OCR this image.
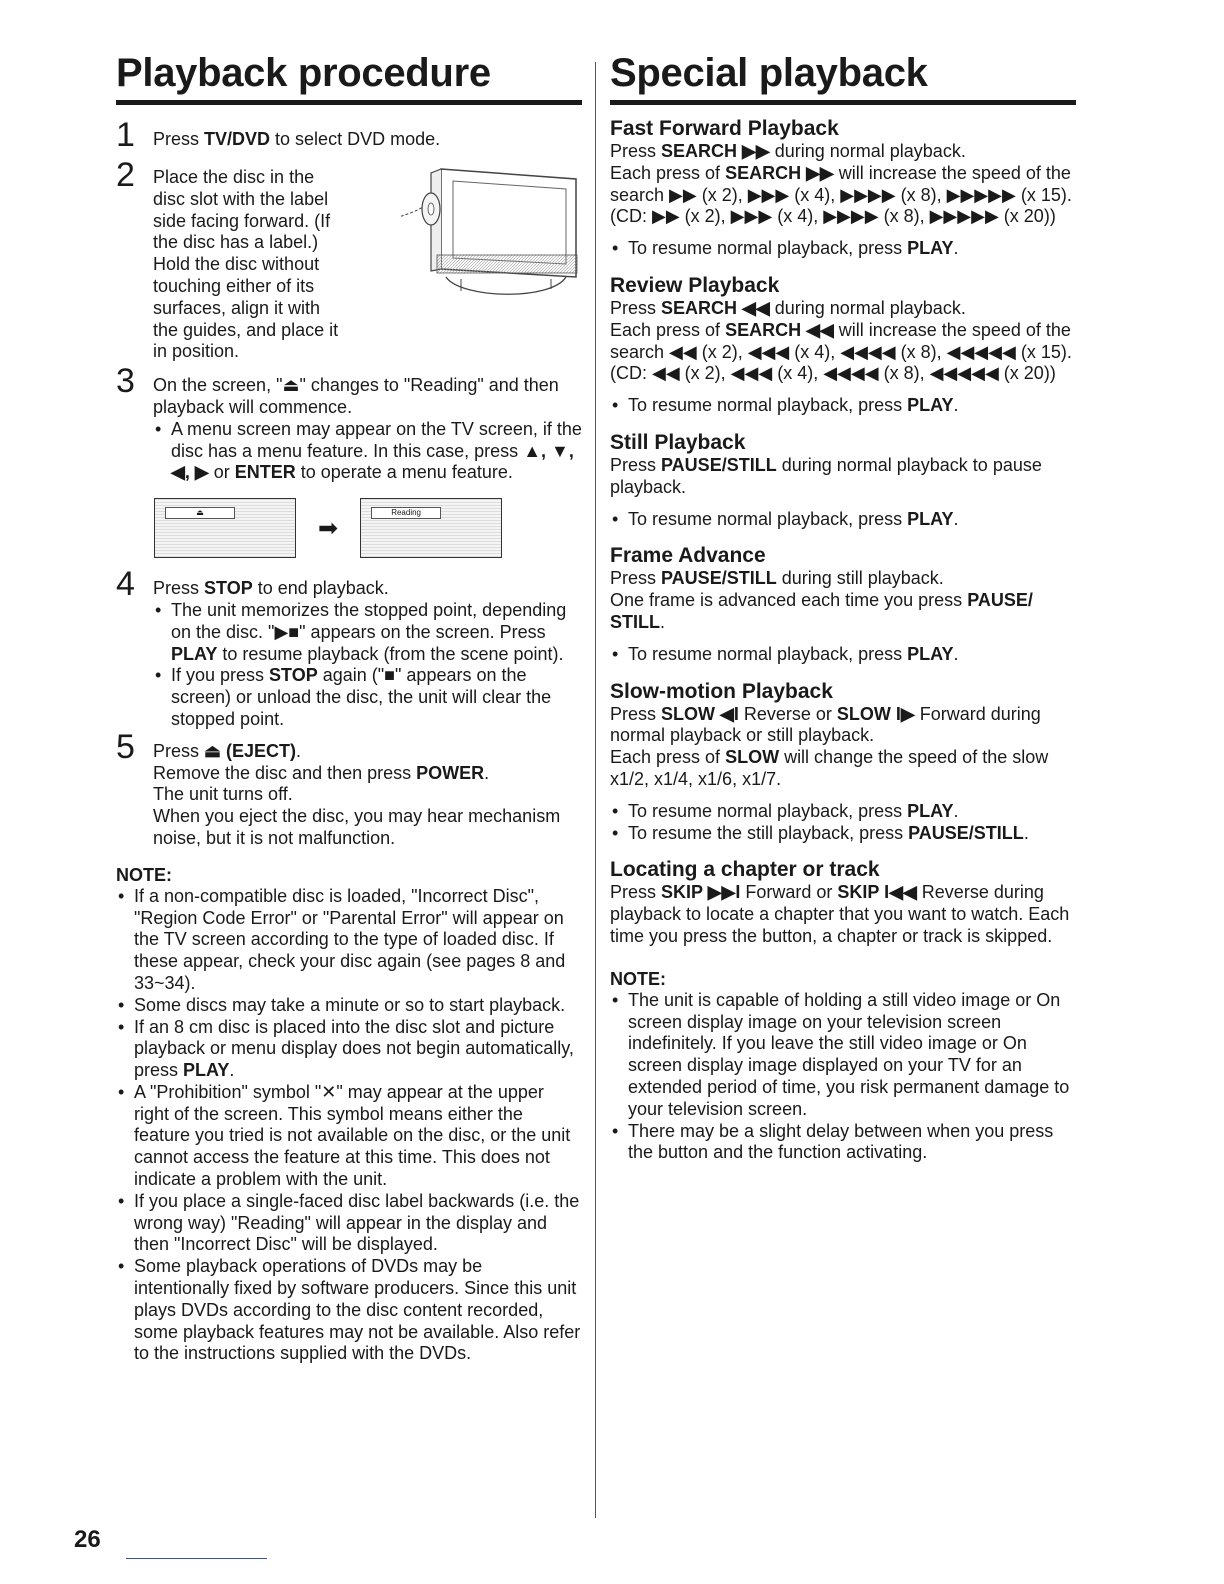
Playback procedure
1	Press TV/DVD to select DVD mode.
2	Place the disc in the disc slot with the label side facing forward. (If the disc has a label.) Hold the disc without touching either of its surfaces, align it with the guides, and place it in position.
3	On the screen, "⏏" changes to "Reading" and then playback will commence.
• A menu screen may appear on the TV screen, if the disc has a menu feature. In this case, press ▲, ▼, ◀, ▶ or ENTER to operate a menu feature.
⏏
➡
Reading
4	Press STOP to end playback.
• The unit memorizes the stopped point, depending on the disc. "▶■" appears on the screen. Press PLAY to resume playback (from the scene point).
• If you press STOP again ("■" appears on the screen) or unload the disc, the unit will clear the stopped point.
5	Press ⏏ (EJECT).
Remove the disc and then press POWER.
The unit turns off.
When you eject the disc, you may hear mechanism noise, but it is not malfunction.
NOTE:
• If a non-compatible disc is loaded, "Incorrect Disc", "Region Code Error" or "Parental Error" will appear on the TV screen according to the type of loaded disc. If these appear, check your disc again (see pages 8 and 33~34).
• Some discs may take a minute or so to start playback.
• If an 8 cm disc is placed into the disc slot and picture playback or menu display does not begin automatically, press PLAY.
• A "Prohibition" symbol "✕" may appear at the upper right of the screen. This symbol means either the feature you tried is not available on the disc, or the unit cannot access the feature at this time. This does not indicate a problem with the unit.
• If you place a single-faced disc label backwards (i.e. the wrong way) "Reading" will appear in the display and then "Incorrect Disc" will be displayed.
• Some playback operations of DVDs may be intentionally fixed by software producers. Since this unit plays DVDs according to the disc content recorded, some playback features may not be available. Also refer to the instructions supplied with the DVDs.
Special playback
Fast Forward Playback
Press SEARCH ▶▶ during normal playback.
Each press of SEARCH ▶▶ will increase the speed of the search ▶▶ (x 2), ▶▶▶ (x 4), ▶▶▶▶ (x 8), ▶▶▶▶▶ (x 15).
(CD: ▶▶ (x 2), ▶▶▶ (x 4), ▶▶▶▶ (x 8), ▶▶▶▶▶ (x 20))
• To resume normal playback, press PLAY.
Review Playback
Press SEARCH ◀◀ during normal playback.
Each press of SEARCH ◀◀ will increase the speed of the search ◀◀ (x 2), ◀◀◀ (x 4), ◀◀◀◀ (x 8), ◀◀◀◀◀ (x 15).
(CD: ◀◀ (x 2), ◀◀◀ (x 4), ◀◀◀◀ (x 8), ◀◀◀◀◀ (x 20))
• To resume normal playback, press PLAY.
Still Playback
Press PAUSE/STILL during normal playback to pause playback.
• To resume normal playback, press PLAY.
Frame Advance
Press PAUSE/STILL during still playback.
One frame is advanced each time you press PAUSE/ STILL.
• To resume normal playback, press PLAY.
Slow-motion Playback
Press SLOW ◀I Reverse or SLOW I▶ Forward during normal playback or still playback.
Each press of SLOW will change the speed of the slow x1/2, x1/4, x1/6, x1/7.
• To resume normal playback, press PLAY.
• To resume the still playback, press PAUSE/STILL.
Locating a chapter or track
Press SKIP ▶▶I Forward or SKIP I◀◀ Reverse during playback to locate a chapter that you want to watch. Each time you press the button, a chapter or track is skipped.
NOTE:
• The unit is capable of holding a still video image or On screen display image on your television screen indefinitely. If you leave the still video image or On screen display image displayed on your TV for an extended period of time, you risk permanent damage to your television screen.
• There may be a slight delay between when you press the button and the function activating.
26
